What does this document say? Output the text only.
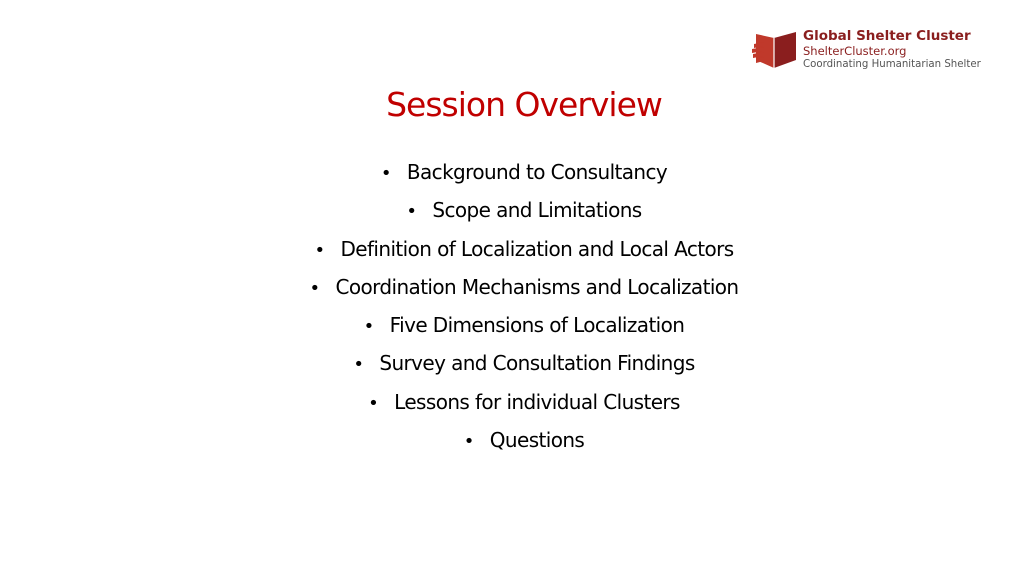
Global Shelter Cluster
ShelterCluster.org
Coordinating Humanitarian Shelter
Session Overview
• Background to Consultancy
• Scope and Limitations
• Definition of Localization and Local Actors
• Coordination Mechanisms and Localization
• Five Dimensions of Localization
• Survey and Consultation Findings
• Lessons for individual Clusters
• Questions
